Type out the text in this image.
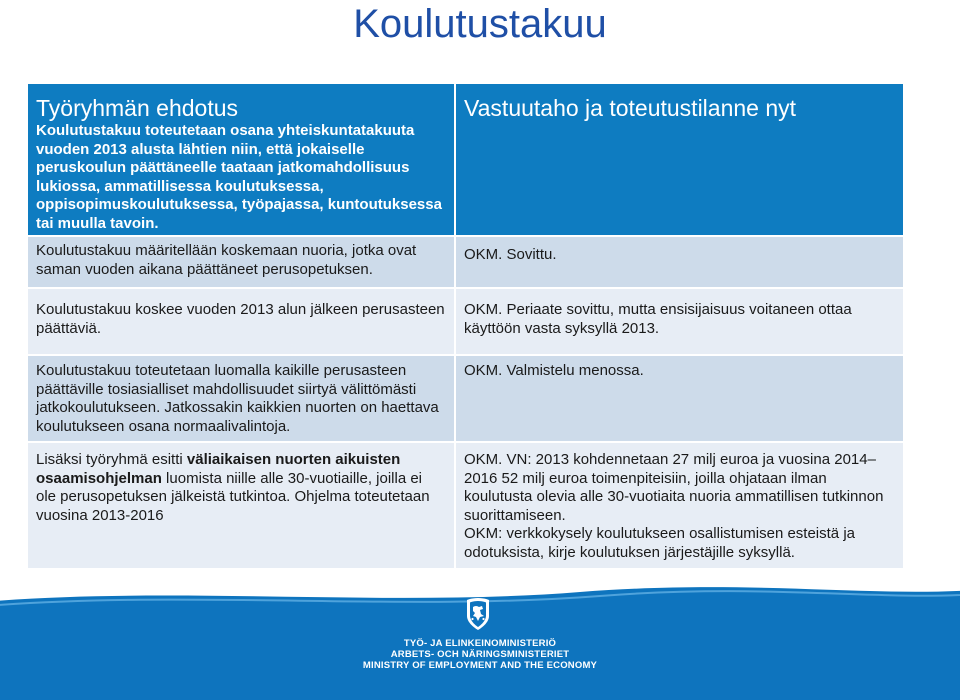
Koulutustakuu
Työryhmän ehdotus
Koulutustakuu toteutetaan osana yhteiskuntatakuuta vuoden 2013 alusta lähtien niin, että jokaiselle peruskoulun päättäneelle taataan jatkomahdollisuus lukiossa, ammatillisessa koulutuksessa, oppisopimuskoulutuksessa, työpajassa, kuntoutuksessa tai muulla tavoin.
Vastuutaho ja toteutustilanne nyt

Koulutustakuu määritellään koskemaan nuoria, jotka ovat saman vuoden aikana päättäneet perusopetuksen.

OKM. Sovittu.

Koulutustakuu koskee vuoden 2013 alun jälkeen perusasteen päättäviä.

OKM. Periaate sovittu, mutta ensisijaisuus voitaneen ottaa käyttöön vasta syksyllä 2013.

Koulutustakuu toteutetaan luomalla kaikille perusasteen päättäville tosiasialliset mahdollisuudet siirtyä välittömästi jatkokoulutukseen. Jatkossakin kaikkien nuorten on haettava koulutukseen osana normaalivalintoja.

OKM. Valmistelu menossa.

Lisäksi työryhmä esitti väliaikaisen nuorten aikuisten osaamisohjelman luomista niille alle 30-vuotiaille, joilla ei ole perusopetuksen jälkeistä tutkintoa. Ohjelma toteutetaan vuosina 2013-2016

OKM. VN: 2013 kohdennetaan 27 milj euroa ja vuosina 2014–2016 52 milj euroa toimenpiteisiin, joilla ohjataan ilman koulutusta olevia alle 30-vuotiaita nuoria ammatillisen tutkinnon suorittamiseen.

OKM: verkkokysely koulutukseen osallistumisen esteistä ja odotuksista, kirje koulutuksen järjestäjille syksyllä.

TYÖ- JA ELINKEINOMINISTERIÖ
ARBETS- OCH NÄRINGSMINISTERIET
MINISTRY OF EMPLOYMENT AND THE ECONOMY
